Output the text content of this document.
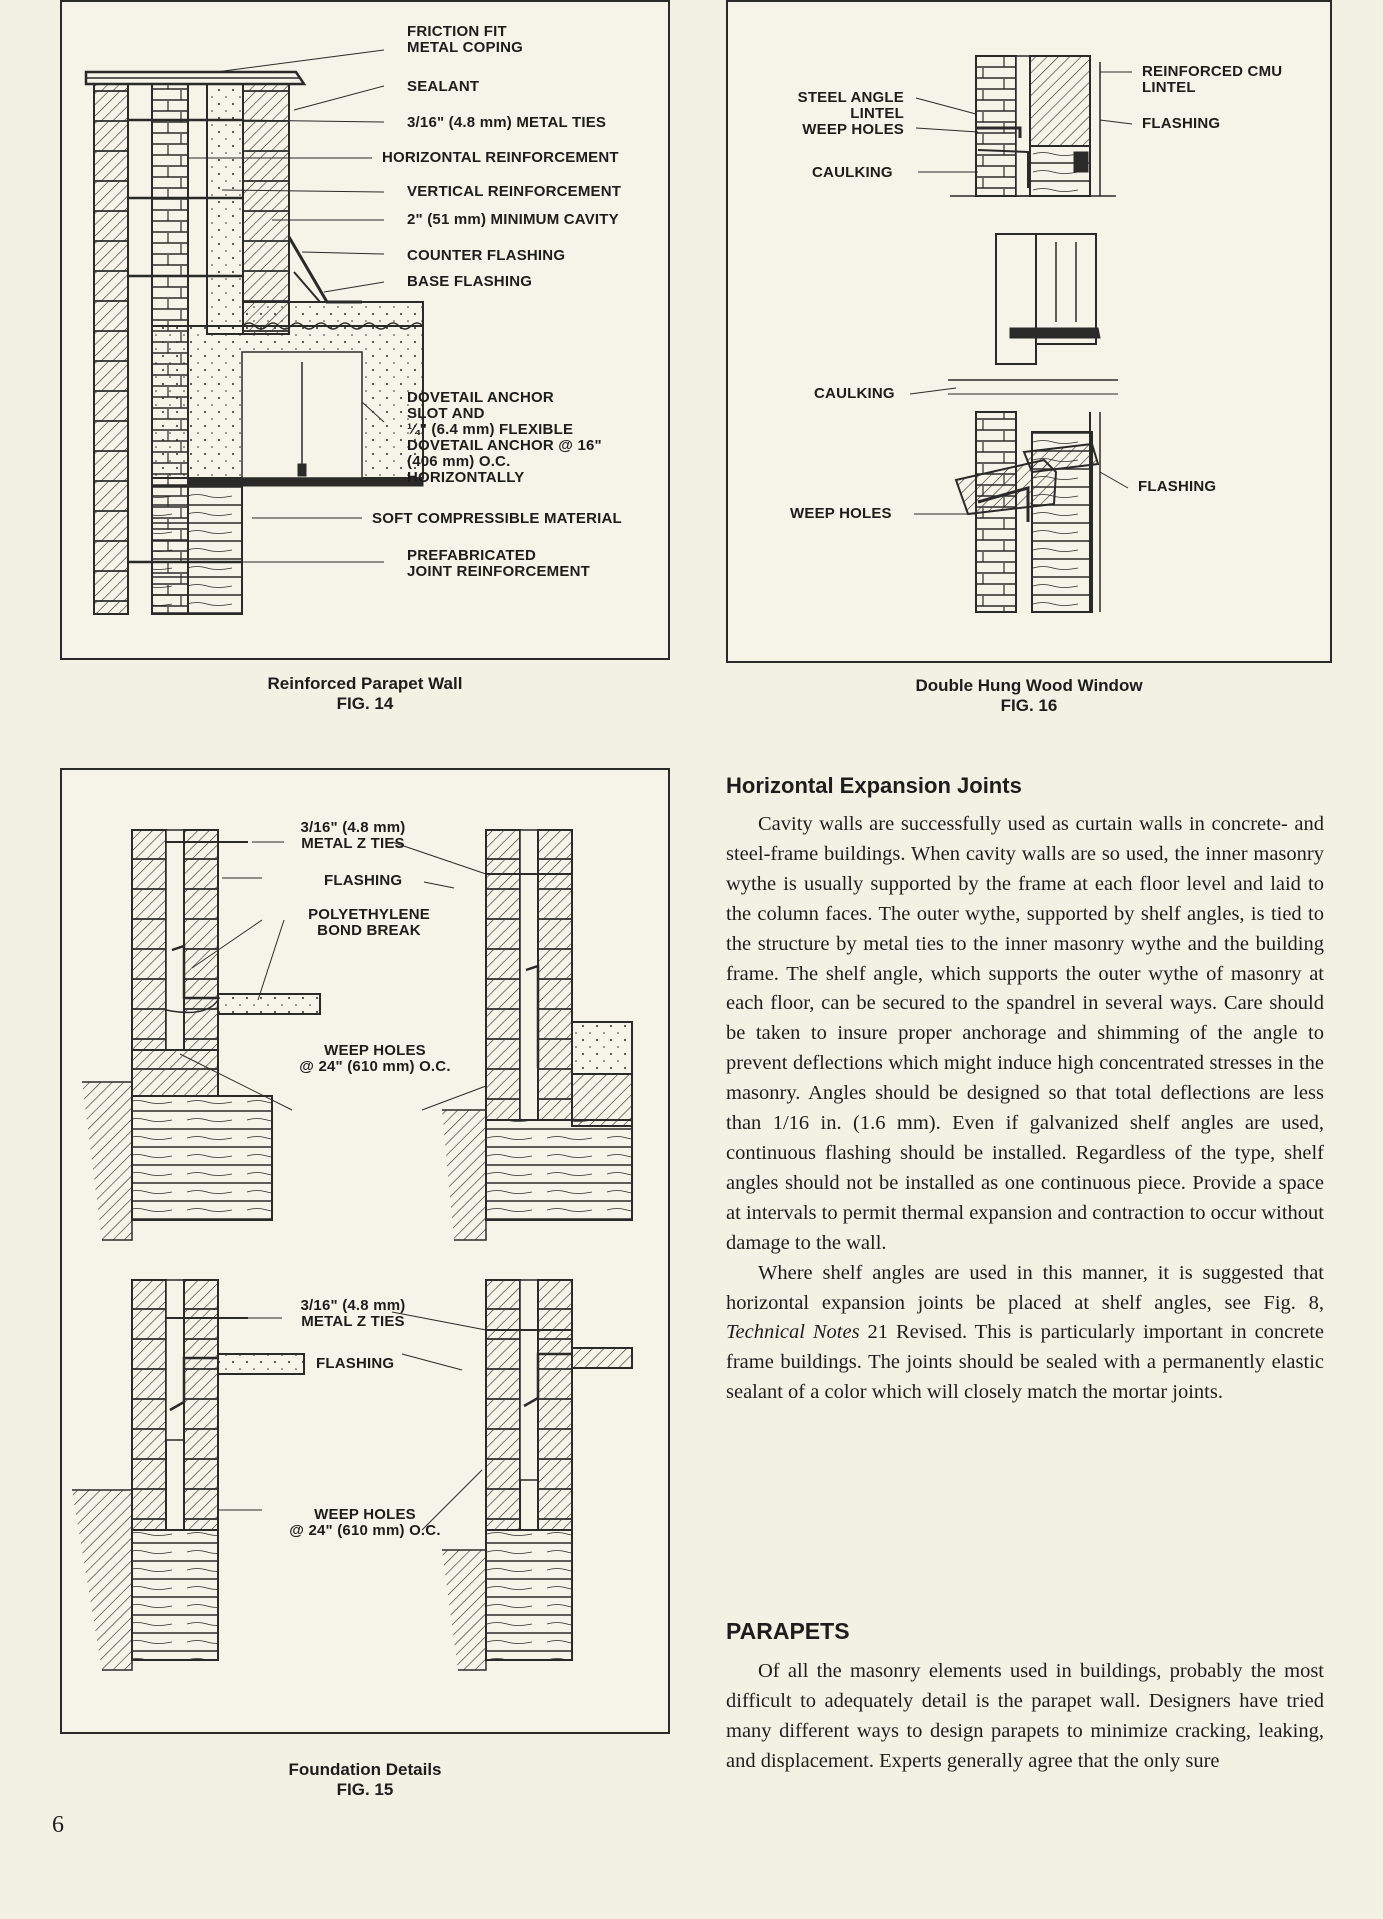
FRICTION FIT
METAL COPING
SEALANT
3/16" (4.8 mm) METAL TIES
HORIZONTAL REINFORCEMENT
VERTICAL REINFORCEMENT
2" (51 mm) MINIMUM CAVITY
COUNTER FLASHING
BASE FLASHING
DOVETAIL ANCHOR
SLOT AND
¼" (6.4 mm) FLEXIBLE
DOVETAIL ANCHOR @ 16"
(406 mm) O.C.
HORIZONTALLY
SOFT COMPRESSIBLE MATERIAL
PREFABRICATED
JOINT REINFORCEMENT
Reinforced Parapet Wall
FIG. 14
STEEL ANGLE
LINTEL
WEEP HOLES
CAULKING
REINFORCED CMU
LINTEL
FLASHING
CAULKING
WEEP HOLES
FLASHING
Double Hung Wood Window
FIG. 16
3/16" (4.8 mm)
METAL Z TIES
FLASHING
POLYETHYLENE
BOND BREAK
WEEP HOLES
@ 24" (610 mm) O.C.
3/16" (4.8 mm)
METAL Z TIES
FLASHING
WEEP HOLES
@ 24" (610 mm) O.C.
Foundation Details
FIG. 15
Horizontal Expansion Joints

Cavity walls are successfully used as curtain walls in concrete- and steel-frame buildings. When cavity walls are so used, the inner masonry wythe is usually supported by the frame at each floor level and laid to the column faces. The outer wythe, supported by shelf angles, is tied to the structure by metal ties to the inner masonry wythe and the building frame. The shelf angle, which supports the outer wythe of masonry at each floor, can be secured to the spandrel in several ways. Care should be taken to insure proper anchorage and shimming of the angle to prevent deflections which might induce high concentrated stresses in the masonry. Angles should be designed so that total deflections are less than 1/16 in. (1.6 mm). Even if galvanized shelf angles are used, continuous flashing should be installed. Regardless of the type, shelf angles should not be installed as one continuous piece. Provide a space at intervals to permit thermal expansion and contraction to occur without damage to the wall.

Where shelf angles are used in this manner, it is suggested that horizontal expansion joints be placed at shelf angles, see Fig. 8, Technical Notes 21 Revised. This is particularly important in concrete frame buildings. The joints should be sealed with a permanently elastic sealant of a color which will closely match the mortar joints.

PARAPETS

Of all the masonry elements used in buildings, probably the most difficult to adequately detail is the parapet wall. Designers have tried many different ways to design parapets to minimize cracking, leaking, and displacement. Experts generally agree that the only sure

6
